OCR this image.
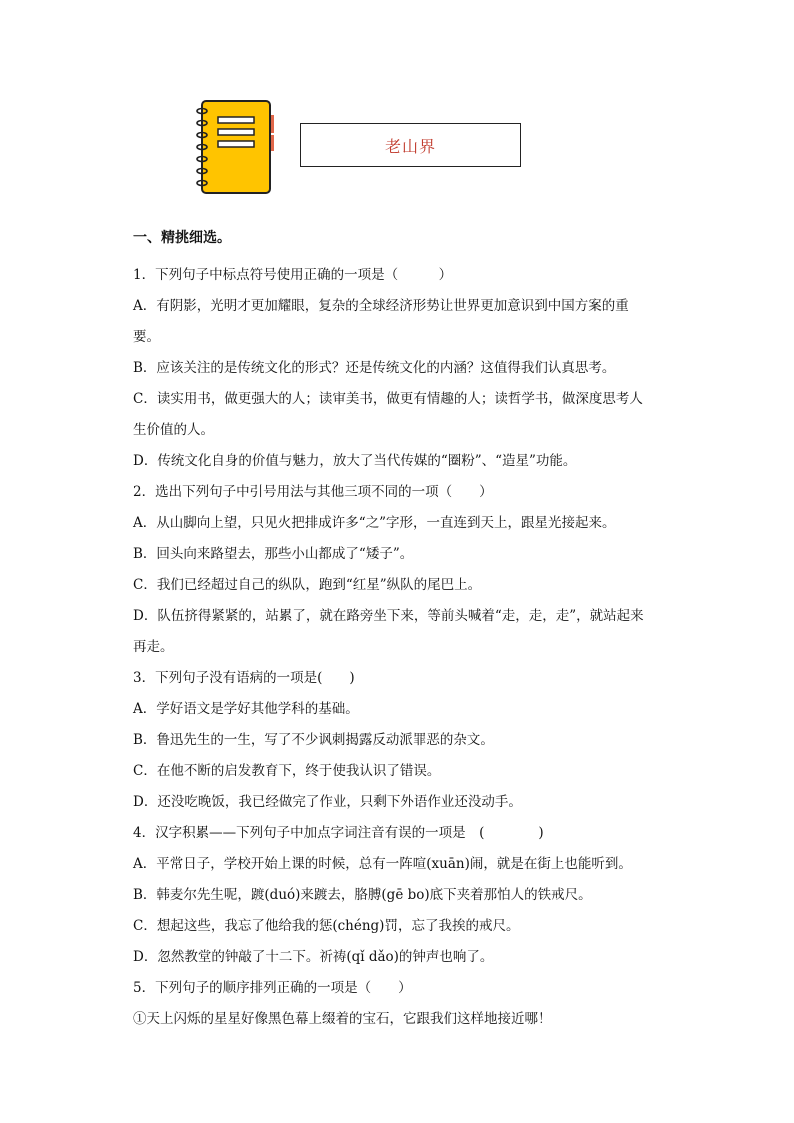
老山界

一、精挑细选。

1．下列句子中标点符号使用正确的一项是（　　　）

A．有阴影，光明才更加耀眼，复杂的全球经济形势让世界更加意识到中国方案的重

要。

B．应该关注的是传统文化的形式？还是传统文化的内涵？这值得我们认真思考。

C．读实用书，做更强大的人；读审美书，做更有情趣的人；读哲学书，做深度思考人

生价值的人。

D．传统文化自身的价值与魅力，放大了当代传媒的“圈粉”、“造星”功能。

2．选出下列句子中引号用法与其他三项不同的一项（　　）

A．从山脚向上望，只见火把排成许多“之”字形，一直连到天上，跟星光接起来。

B．回头向来路望去，那些小山都成了“矮子”。

C．我们已经超过自己的纵队，跑到“红星”纵队的尾巴上。

D．队伍挤得紧紧的，站累了，就在路旁坐下来，等前头喊着“走，走，走”，就站起来

再走。

3．下列句子没有语病的一项是(　　)

A．学好语文是学好其他学科的基础。

B．鲁迅先生的一生，写了不少讽刺揭露反动派罪恶的杂文。

C．在他不断的启发教育下，终于使我认识了错误。

D．还没吃晚饭，我已经做完了作业，只剩下外语作业还没动手。

4．汉字积累——下列句子中加点字词注音有误的一项是　(　　　　)

A．平常日子，学校开始上课的时候，总有一阵喧(xuān)闹，就是在街上也能听到。

B．韩麦尔先生呢，踱(duó)来踱去，胳膊(gē bo)底下夹着那怕人的铁戒尺。

C．想起这些，我忘了他给我的惩(chéng)罚，忘了我挨的戒尺。

D．忽然教堂的钟敲了十二下。祈祷(qǐ dǎo)的钟声也响了。

5．下列句子的顺序排列正确的一项是（　　）

①天上闪烁的星星好像黑色幕上缀着的宝石，它跟我们这样地接近哪！
